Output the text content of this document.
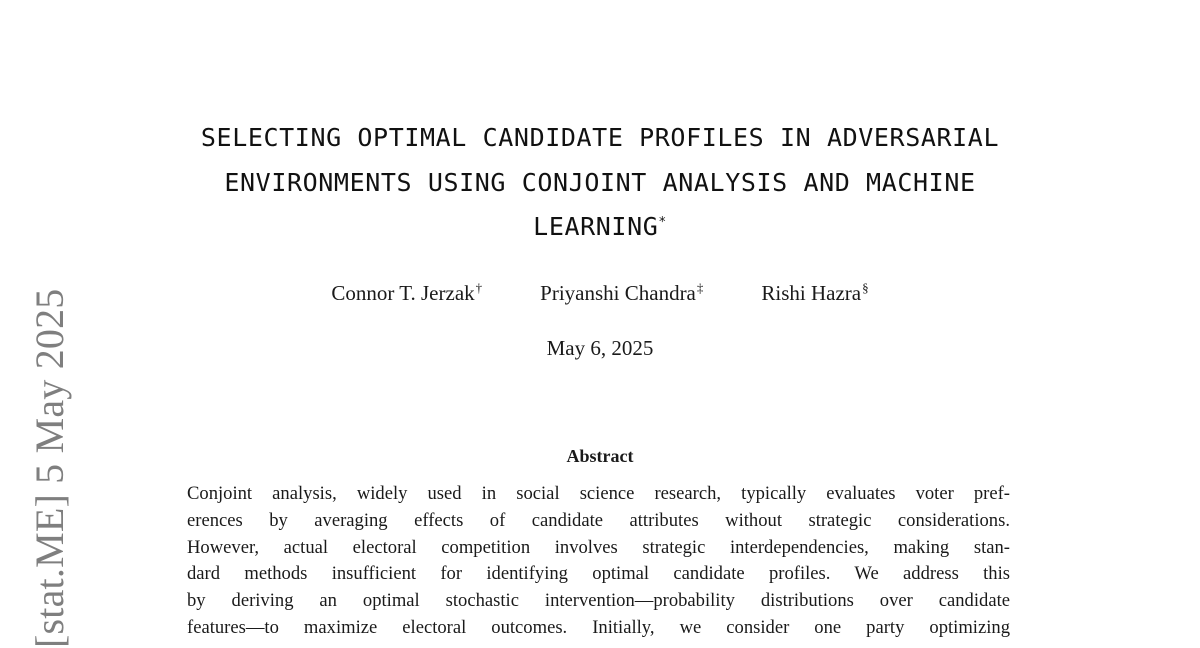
[stat.ME] 5 May 2025
SELECTING OPTIMAL CANDIDATE PROFILES IN ADVERSARIAL
ENVIRONMENTS USING CONJOINT ANALYSIS AND MACHINE
LEARNING*
Connor T. Jerzak†	Priyanshi Chandra‡	Rishi Hazra§
May 6, 2025
Abstract
Conjoint analysis, widely used in social science research, typically evaluates voter pref-
erences by averaging effects of candidate attributes without strategic considerations.
However, actual electoral competition involves strategic interdependencies, making stan-
dard methods insufficient for identifying optimal candidate profiles. We address this
by deriving an optimal stochastic intervention—probability distributions over candidate
features—to maximize electoral outcomes. Initially, we consider one party optimizing
